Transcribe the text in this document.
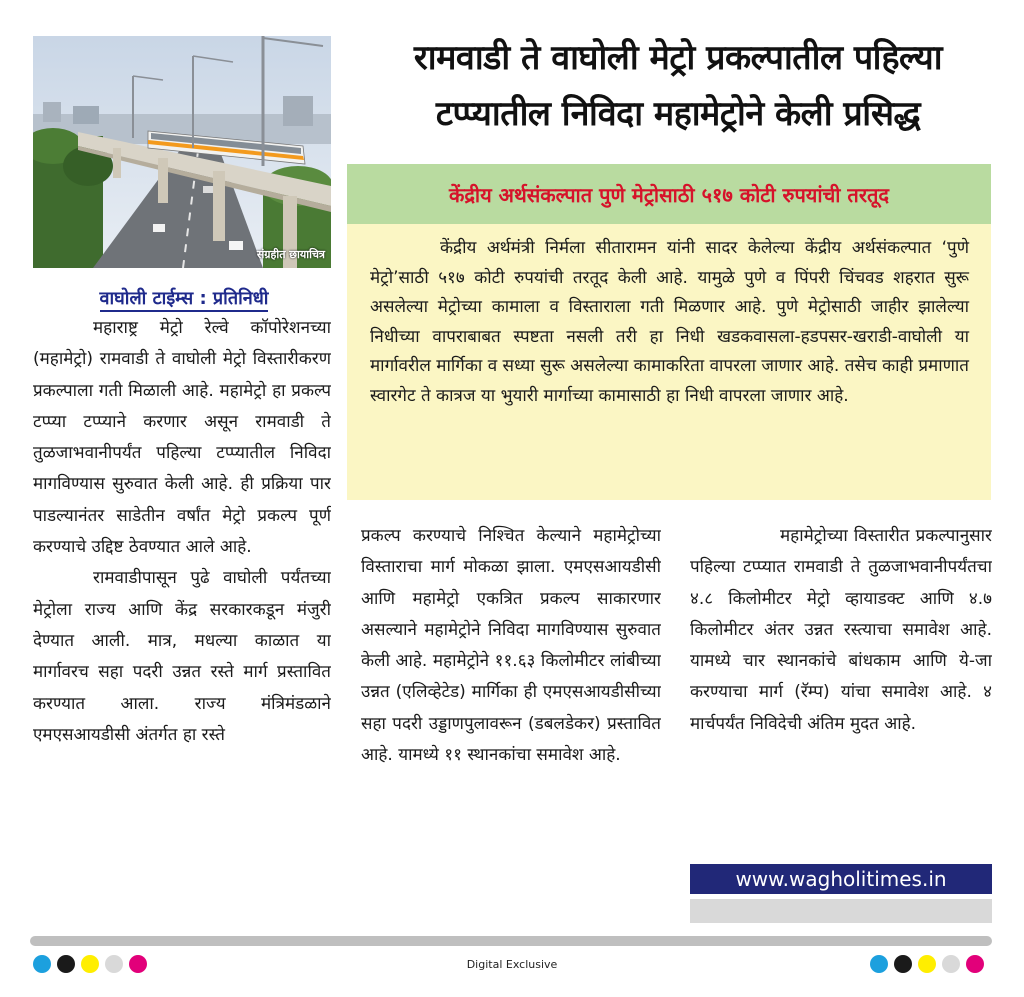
संग्रहीत छायाचित्र
रामवाडी ते वाघोली मेट्रो प्रकल्पातील पहिल्या
टप्प्यातील निविदा महामेट्रोने केली प्रसिद्ध
केंद्रीय अर्थसंकल्पात पुणे मेट्रोसाठी ५१७ कोटी रुपयांची तरतूद

केंद्रीय अर्थमंत्री निर्मला सीतारामन यांनी सादर केलेल्या केंद्रीय अर्थसंकल्पात ‘पुणे मेट्रो’साठी ५१७ कोटी रुपयांची तरतूद केली आहे. यामुळे पुणे व पिंपरी चिंचवड शहरात सुरू असलेल्या मेट्रोच्या कामाला व विस्ताराला गती मिळणार आहे. पुणे मेट्रोसाठी जाहीर झालेल्या निधीच्या वापराबाबत स्पष्टता नसली तरी हा निधी खडकवासला-हडपसर-खराडी-वाघोली या मार्गावरील मार्गिका व सध्या सुरू असलेल्या कामाकरिता वापरला जाणार आहे. तसेच काही प्रमाणात स्वारगेट ते कात्रज या भुयारी मार्गाच्या कामासाठी हा निधी वापरला जाणार आहे.

वाघोली टाईम्स : प्रतिनिधी

महाराष्ट्र मेट्रो रेल्वे कॉपोरेशनच्या (महामेट्रो) रामवाडी ते वाघोली मेट्रो विस्तारीकरण प्रकल्पाला गती मिळाली आहे. महामेट्रो हा प्रकल्प टप्प्या टप्प्याने करणार असून रामवाडी ते तुळजाभवानीपर्यंत पहिल्या टप्प्यातील निविदा मागविण्यास सुरुवात केली आहे. ही प्रक्रिया पार पाडल्यानंतर साडेतीन वर्षांत मेट्रो प्रकल्प पूर्ण करण्याचे उद्दिष्ट ठेवण्यात आले आहे.

रामवाडीपासून पुढे वाघोली पर्यंतच्या मेट्रोला राज्य आणि केंद्र सरकारकडून मंजुरी देण्यात आली. मात्र, मधल्या काळात या मार्गावरच सहा पदरी उन्नत रस्ते मार्ग प्रस्तावित करण्यात आला. राज्य मंत्रिमंडळाने एमएसआयडीसी अंतर्गत हा रस्ते

प्रकल्प करण्याचे निश्चित केल्याने महामेट्रोच्या विस्ताराचा मार्ग मोकळा झाला. एमएसआयडीसी आणि महामेट्रो एकत्रित प्रकल्प साकारणार असल्याने महामेट्रोने निविदा मागविण्यास सुरुवात केली आहे. महामेट्रोने ११.६३ किलोमीटर लांबीच्या उन्नत (एलिव्हेटेड) मार्गिका ही एमएसआयडीसीच्या सहा पदरी उड्डाणपुलावरून (डबलडेकर) प्रस्तावित आहे. यामध्ये ११ स्थानकांचा समावेश आहे.

महामेट्रोच्या विस्तारीत प्रकल्पानुसार पहिल्या टप्प्यात रामवाडी ते तुळजाभवानीपर्यंतचा ४.८ किलोमीटर मेट्रो व्हायाडक्ट आणि ४.७ किलोमीटर अंतर उन्नत रस्त्याचा समावेश आहे. यामध्ये चार स्थानकांचे बांधकाम आणि ये-जा करण्याचा मार्ग (रॅम्प) यांचा समावेश आहे. ४ मार्चपर्यंत निविदेची अंतिम मुदत आहे.

www.wagholitimes.in
Digital Exclusive
